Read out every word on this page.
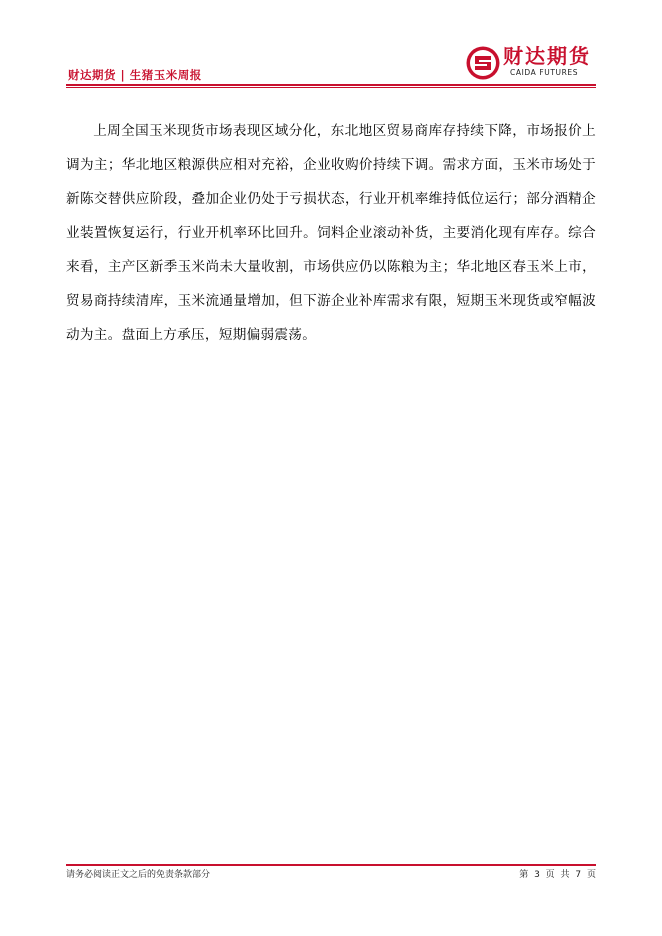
财达期货 | 生猪玉米周报
财达期货
CAIDA FUTURES

上周全国玉米现货市场表现区域分化，东北地区贸易商库存持续下降，市场报价上调为主；华北地区粮源供应相对充裕，企业收购价持续下调。需求方面，玉米市场处于新陈交替供应阶段，叠加企业仍处于亏损状态，行业开机率维持低位运行；部分酒精企业装置恢复运行，行业开机率环比回升。饲料企业滚动补货，主要消化现有库存。综合来看，主产区新季玉米尚未大量收割，市场供应仍以陈粮为主；华北地区春玉米上市，贸易商持续清库，玉米流通量增加，但下游企业补库需求有限，短期玉米现货或窄幅波动为主。盘面上方承压，短期偏弱震荡。

请务必阅读正文之后的免责条款部分	第 3 页 共 7 页
